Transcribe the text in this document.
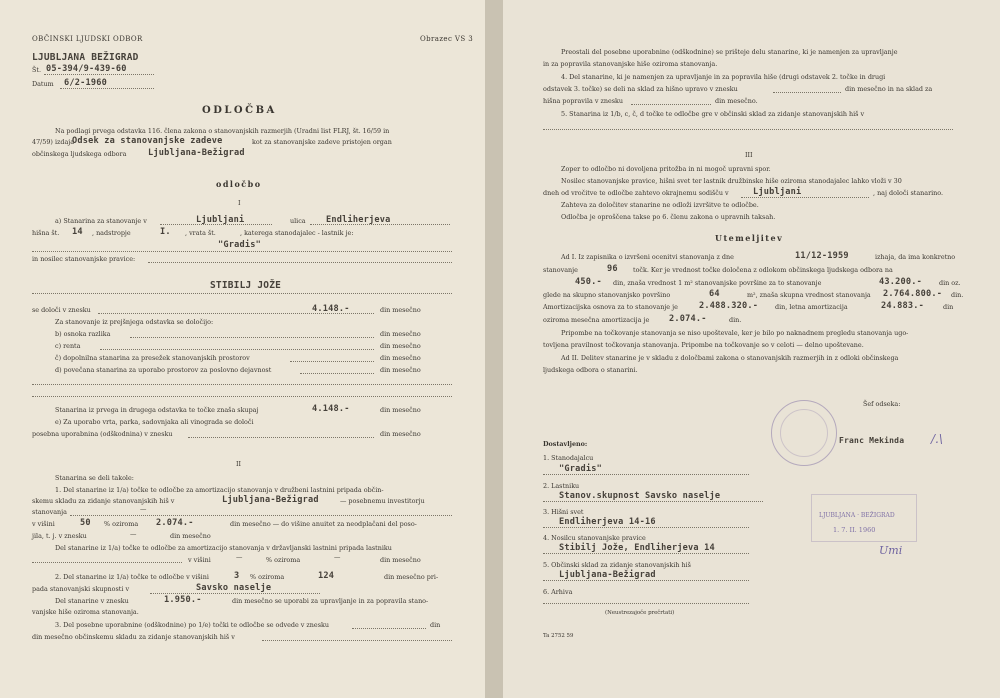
OBČINSKI LJUDSKI ODBOR	Obrazec VS 3
LJUBLJANA BEŽIGRAD
Št. 05-394/9-439-60
Datum 6/2-1960
ODLOČBA
Na podlagi prvega odstavka 116. člena zakona o stanovanjskih razmerjih (Uradni list FLRJ, št. 16/59 in
47/59) izdaja
Odsek za stanovanjske zadeve	kot za stanovanjske zadeve pristojen organ
občinskega ljudskega odbora	Ljubljana-Bežigrad
odločbo
I
a) Stanarina za stanovanje v	Ljubljani	ulica Endliherjeva
hišna št. 14 , nadstropje	I. , vrata št.	, katerega stanodajalec - lastnik je:
"Gradis"
in nosilec stanovanjske pravice:
STIBILJ JOŽE
se določi v znesku	4.148.-	din mesečno
Za stanovanje iz prejšnjega odstavka se določijo:
b) osnoka razlika	din mesečno
c) renta	din mesečno
č) dopolnilna stanarina za presežek stanovanjskih prostorov	din mesečno
d) povečana stanarina za uporabo prostorov za poslovno dejavnost	din mesečno
Stanarina iz prvega in drugega odstavka te točke znaša skupaj	4.148.-	din mesečno
e) Za uporabo vrta, parka, sadovnjaka ali vinograda se določi
posebna uporabnina (odškodnina) v znesku	din mesečno
II
Stanarina se deli takole:
1. Del stanarine iz 1/a) točke te odločbe za amortizacijo stanovanja v družbeni lastnini pripada občin-
skemu skladu za zidanje stanovanjskih hiš v	Ljubljana-Bežigrad	— posebnemu investitorju
stanovanja	—
v višini	50 % oziroma 2.074.-	din mesečno — do višine anuitet za neodplačani del poso-
jila, t. j. v znesku	—	din mesečno
Del stanarine iz 1/a) točke te odločbe za amortizacijo stanovanja v državljanski lastnini pripada lastniku
v višini	—	% oziroma	—	din mesečno
2. Del stanarine iz 1/a) točke te odločbe v višini	3 % oziroma	124	din mesečno pri-
pada stanovanjski skupnosti v	Savsko naselje
Del stanarine v znesku	1.950.-	din mesečno se uporabi za upravljanje in za popravila stano-
vanjske hiše oziroma stanovanja.
3. Del posebne uporabnine (odškodnine) po 1/e) točki te odločbe se odvede v znesku	din
din mesečno občinskemu skladu za zidanje stanovanjskih hiš v
Preostali del posebne uporabnine (odškodnine) se prišteje delu stanarine, ki je namenjen za upravljanje
in za popravila stanovanjske hiše oziroma stanovanja.
4. Del stanarine, ki je namenjen za upravljanje in za popravila hiše (drugi odstavek 2. točke in drugi
odstavek 3. točke) se deli na sklad za hišno upravo v znesku	din mesečno in na sklad za
hišna popravila v znesku	din mesečno.
5. Stanarina iz 1/b, c, č, d točke te odločbe gre v občinski sklad za zidanje stanovanjskih hiš v
III
Zoper to odločbo ni dovoljena pritožba in ni mogoč upravni spor.
Nosilec stanovanjske pravice, hišni svet ter lastnik družbinske hiše oziroma stanodajalec lahko vloži v 30
dneh od vročitve te odločbe zahtevo okrajnemu sodišču v	Ljubljani	, naj določi stanarino.
Zahteva za določitev stanarine ne odloži izvršitve te odločbe.
Odločba je oproščena takse po 6. členu zakona o upravnih taksah.
Utemeljitev
Ad I. Iz zapisnika o izvršeni ocenitvi stanovanja z dne	11/12-1959	izhaja, da ima konkretno
stanovanje	96 točk. Ker je vrednost točke določena z odlokom občinskega ljudskega odbora na
450.- din, znaša vrednost 1 m² stanovanjske površine za to stanovanje	43.200.-	din oz.
glede na skupno stanovanjsko površino	64	m², znaša skupna vrednost stanovanja 2.764.800.- din.
Amortizacijska osnova za to stanovanje je 2.488.320.-	din, letna amortizacija	24.883.-	din
oziroma mesečna amortizacija je 2.074.-	din.
Pripombe na točkovanje stanovanja se niso upoštevale, ker je bilo po naknadnem pregledu stanovanja ugo-
tovljena pravilnost točkovanja stanovanja. Pripombe na točkovanje so v celoti — delno upoštevane.
Ad II. Delitev stanarine je v skladu z določbami zakona o stanovanjskih razmerjih in z odloki občinskega
ljudskega odbora o stanarini.
Šef odseka:
Franc Mekinda /.\
Dostavljeno:
1. Stanodajalcu
"Gradis"
2. Lastniku
Stanov.skupnost Savsko naselje
3. Hišni svet
Endliherjeva 14-16
4. Nosilcu stanovanjske pravice
Stibilj Jože, Endliherjeva 14
5. Občinski sklad za zidanje stanovanjskih hiš
Ljubljana-Bežigrad
6. Arhiva
(Neustrezajoče prečrtati)
Ta 2752 59
LJUBLJANA · BEŽIGRAD
1. 7. II. 1960
Umi
